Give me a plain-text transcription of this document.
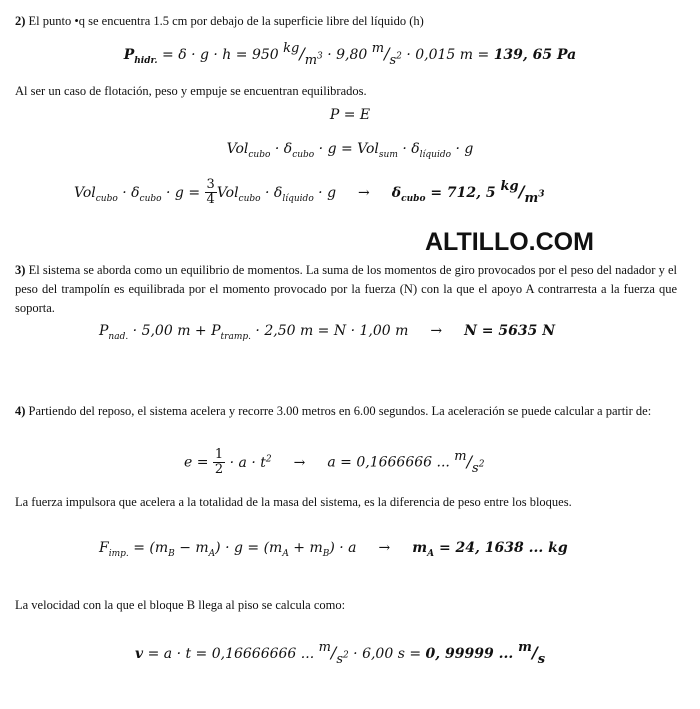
2) El punto •q se encuentra 1.5 cm por debajo de la superficie libre del líquido (h)
$P_{hidr.} = \delta \cdot g \cdot h = 950$ $kg/m^3 \cdot 9,80$ $m/s^2 \cdot 0,015$ m = 139, 65 Pa
Al ser un caso de flotación, peso y empuje se encuentran equilibrados.
P = E
$Vol_{cubo} \cdot \delta_{cubo} \cdot g = Vol_{sum} \cdot \delta_{líquido} \cdot g$
$Vol_{cubo} \cdot \delta_{cubo} \cdot g = \frac{3}{4} Vol_{cubo} \cdot \delta_{líquido} \cdot g \to \delta_{cubo} = 712$, 5 $kg/m^3$
ALTILLO.COM
3) El sistema se aborda como un equilibrio de momentos. La suma de los momentos de giro provocados por el peso del nadador y el peso del trampolín es equilibrada por el momento provocado por la fuerza (N) con la que el apoyo A contrarresta a la fuerza que soporta.
$P_{nad.} \cdot 5,00$ $m + P_{tramp.} \cdot 2,50$ m = N · 1,00 m → N = 5635 N
4) Partiendo del reposo, el sistema acelera y recorre 3.00 metros en 6.00 segundos. La aceleración se puede calcular a partir de:
$e = \frac{1}{2} \cdot a \cdot t^2 \to a = 0,1666666$ ... $m/s^2$
La fuerza impulsora que acelera a la totalidad de la masa del sistema, es la diferencia de peso entre los bloques.
$F_{imp.} = (m_B - m_A) \cdot g = (m_A + m_B) \cdot a \to m_A = 24$, 1638 ... kg
La velocidad con la que el bloque B llega al piso se calcula como:
v = a · t = 0,16666666 ... $m/s^2 \cdot 6,00$ s = 0, 99999 ... m/s
